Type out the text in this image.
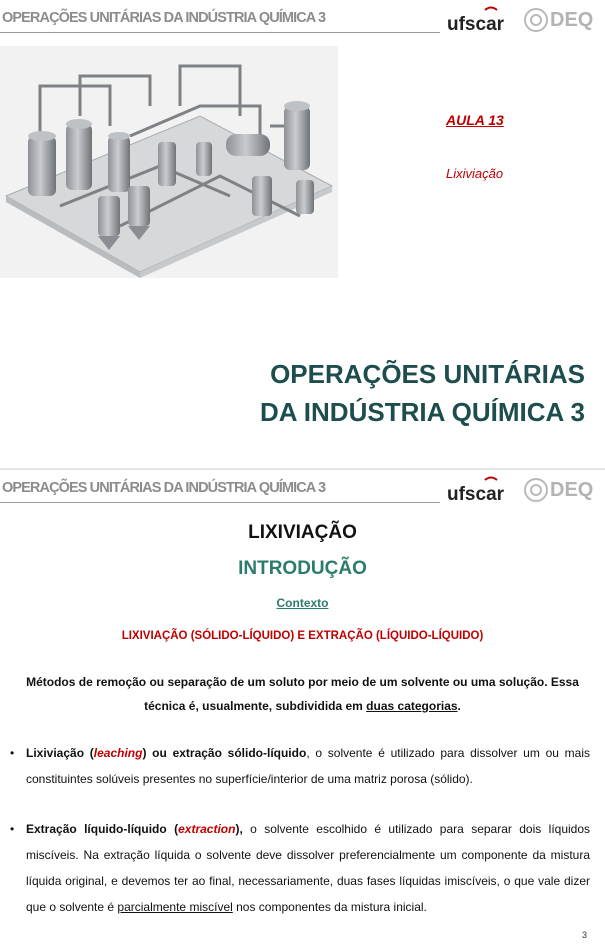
OPERAÇÕES UNITÁRIAS DA INDÚSTRIA QUÍMICA 3	ufscar DEQ
AULA 13
Lixiviação
OPERAÇÕES UNITÁRIAS
DA INDÚSTRIA QUÍMICA 3
OPERAÇÕES UNITÁRIAS DA INDÚSTRIA QUÍMICA 3	ufscar DEQ
LIXIVIAÇÃO
INTRODUÇÃO
Contexto
LIXIVIAÇÃO (SÓLIDO-LÍQUIDO) E EXTRAÇÃO (LÍQUIDO-LÍQUIDO)
Métodos de remoção ou separação de um soluto por meio de um solvente ou uma solução. Essa técnica é, usualmente, subdividida em duas categorias.
• Lixiviação (leaching) ou extração sólido-líquido, o solvente é utilizado para dissolver um ou mais constituintes solúveis presentes no superfície/interior de uma matriz porosa (sólido).
• Extração líquido-líquido (extraction), o solvente escolhido é utilizado para separar dois líquidos miscíveis. Na extração líquida o solvente deve dissolver preferencialmente um componente da mistura líquida original, e devemos ter ao final, necessariamente, duas fases líquidas imiscíveis, o que vale dizer que o solvente é parcialmente miscível nos componentes da mistura inicial.
3
